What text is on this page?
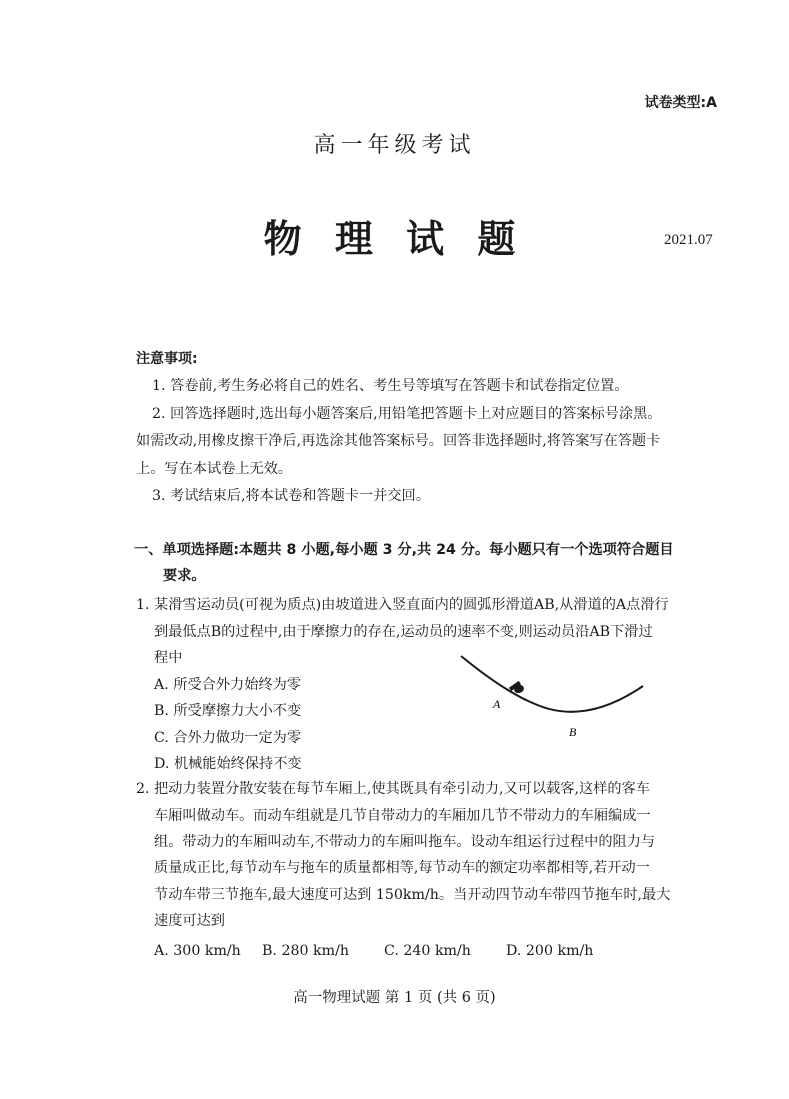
试卷类型:A
高一年级考试
物 理 试 题	2021.07
注意事项:
1. 答卷前,考生务必将自己的姓名、考生号等填写在答题卡和试卷指定位置。
2. 回答选择题时,选出每小题答案后,用铅笔把答题卡上对应题目的答案标号涂黑。
如需改动,用橡皮擦干净后,再选涂其他答案标号。回答非选择题时,将答案写在答题卡
上。写在本试卷上无效。
3. 考试结束后,将本试卷和答题卡一并交回。
一、单项选择题:本题共 8 小题,每小题 3 分,共 24 分。每小题只有一个选项符合题目
要求。
1. 某滑雪运动员(可视为质点)由坡道进入竖直面内的圆弧形滑道AB,从滑道的A点滑行
到最低点B的过程中,由于摩擦力的存在,运动员的速率不变,则运动员沿AB下滑过
程中
A. 所受合外力始终为零
B. 所受摩擦力大小不变
C. 合外力做功一定为零
D. 机械能始终保持不变
A
B
2. 把动力装置分散安装在每节车厢上,使其既具有牵引动力,又可以载客,这样的客车
车厢叫做动车。而动车组就是几节自带动力的车厢加几节不带动力的车厢编成一
组。带动力的车厢叫动车,不带动力的车厢叫拖车。设动车组运行过程中的阻力与
质量成正比,每节动车与拖车的质量都相等,每节动车的额定功率都相等,若开动一
节动车带三节拖车,最大速度可达到 150km/h。当开动四节动车带四节拖车时,最大
速度可达到
A. 300 km/h B. 280 km/h C. 240 km/h D. 200 km/h
高一物理试题 第 1 页 (共 6 页)
